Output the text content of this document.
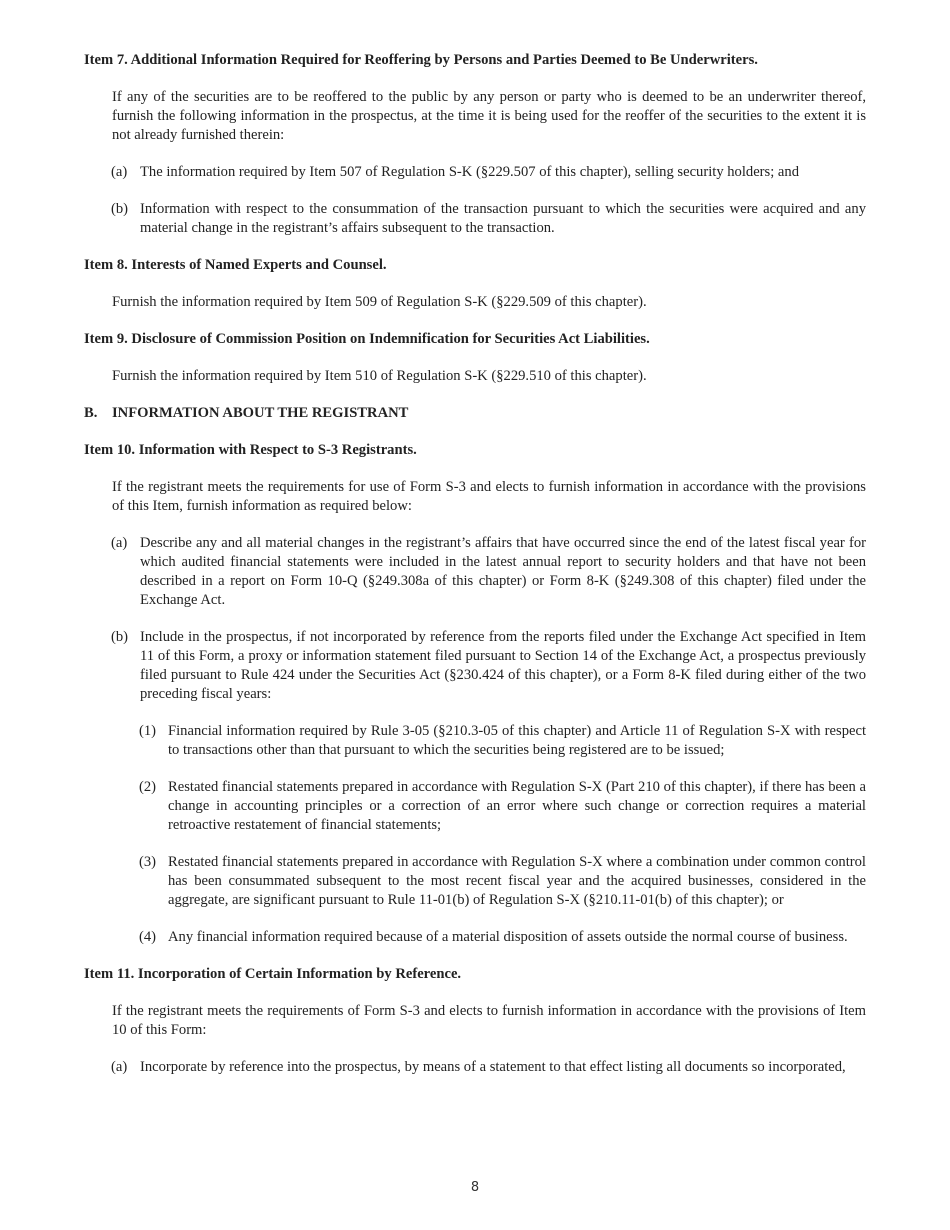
Item 7. Additional Information Required for Reoffering by Persons and Parties Deemed to Be Underwriters.

If any of the securities are to be reoffered to the public by any person or party who is deemed to be an underwriter thereof, furnish the following information in the prospectus, at the time it is being used for the reoffer of the securities to the extent it is not already furnished therein:

(a) The information required by Item 507 of Regulation S-K (§229.507 of this chapter), selling security holders; and
(b) Information with respect to the consummation of the transaction pursuant to which the securities were acquired and any material change in the registrant’s affairs subsequent to the transaction.

Item 8. Interests of Named Experts and Counsel.

Furnish the information required by Item 509 of Regulation S-K (§229.509 of this chapter).

Item 9. Disclosure of Commission Position on Indemnification for Securities Act Liabilities.

Furnish the information required by Item 510 of Regulation S-K (§229.510 of this chapter).

B. INFORMATION ABOUT THE REGISTRANT

Item 10. Information with Respect to S-3 Registrants.

If the registrant meets the requirements for use of Form S-3 and elects to furnish information in accordance with the provisions of this Item, furnish information as required below:

(a) Describe any and all material changes in the registrant’s affairs that have occurred since the end of the latest fiscal year for which audited financial statements were included in the latest annual report to security holders and that have not been described in a report on Form 10-Q (§249.308a of this chapter) or Form 8-K (§249.308 of this chapter) filed under the Exchange Act.
(b) Include in the prospectus, if not incorporated by reference from the reports filed under the Exchange Act specified in Item 11 of this Form, a proxy or information statement filed pursuant to Section 14 of the Exchange Act, a prospectus previously filed pursuant to Rule 424 under the Securities Act (§230.424 of this chapter), or a Form 8-K filed during either of the two preceding fiscal years:
(1) Financial information required by Rule 3-05 (§210.3-05 of this chapter) and Article 11 of Regulation S-X with respect to transactions other than that pursuant to which the securities being registered are to be issued;
(2) Restated financial statements prepared in accordance with Regulation S-X (Part 210 of this chapter), if there has been a change in accounting principles or a correction of an error where such change or correction requires a material retroactive restatement of financial statements;
(3) Restated financial statements prepared in accordance with Regulation S-X where a combination under common control has been consummated subsequent to the most recent fiscal year and the acquired businesses, considered in the aggregate, are significant pursuant to Rule 11-01(b) of Regulation S-X (§210.11-01(b) of this chapter); or
(4) Any financial information required because of a material disposition of assets outside the normal course of business.

Item 11. Incorporation of Certain Information by Reference.

If the registrant meets the requirements of Form S-3 and elects to furnish information in accordance with the provisions of Item 10 of this Form:

(a) Incorporate by reference into the prospectus, by means of a statement to that effect listing all documents so incorporated,
8
